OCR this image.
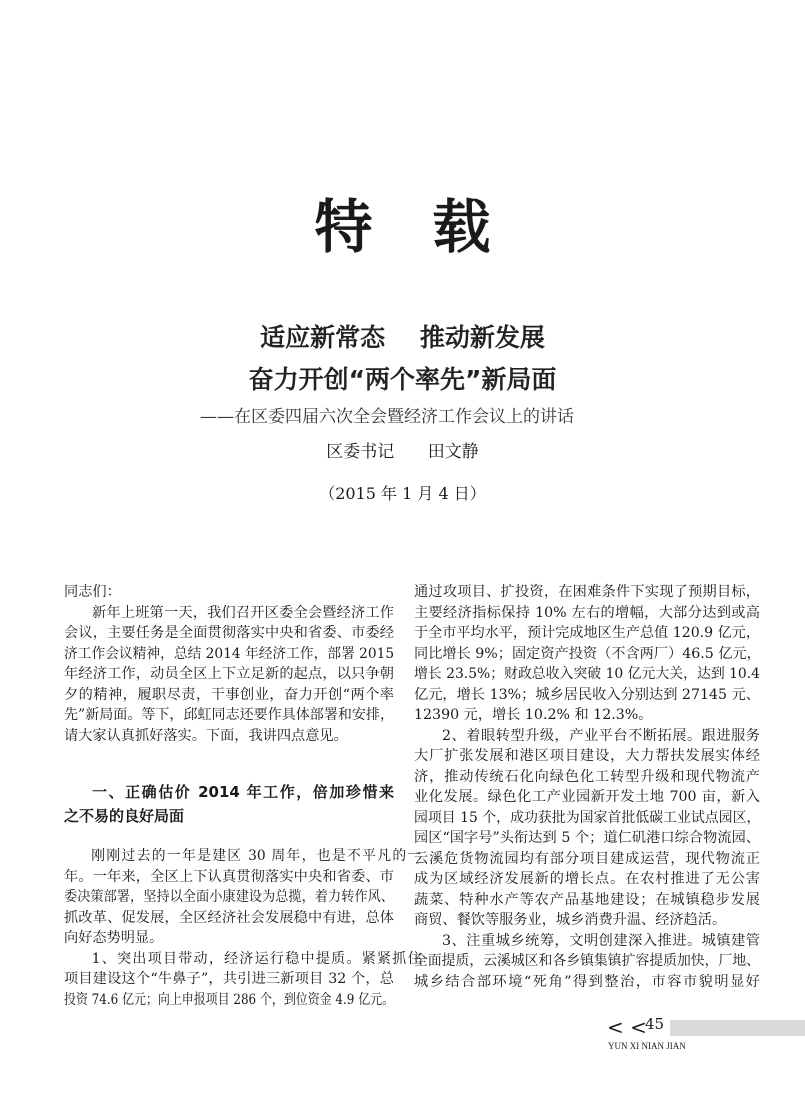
特载
适应新常态 推动新发展
奋力开创“两个率先”新局面
——在区委四届六次全会暨经济工作会议上的讲话
区委书记 田文静
（2015 年 1 月 4 日）
同志们：
新年上班第一天，我们召开区委全会暨经济工作
会议，主要任务是全面贯彻落实中央和省委、市委经
济工作会议精神，总结 2014 年经济工作，部署 2015
年经济工作，动员全区上下立足新的起点，以只争朝
夕的精神，履职尽责，干事创业，奋力开创“两个率
先”新局面。等下，邱虹同志还要作具体部署和安排，
请大家认真抓好落实。下面，我讲四点意见。
一、正确估价 2014 年工作，倍加珍惜来
之不易的良好局面
刚刚过去的一年是建区 30 周年，也是不平凡的一
年。一年来，全区上下认真贯彻落实中央和省委、市
委决策部署，坚持以全面小康建设为总揽，着力转作风、
抓改革、促发展，全区经济社会发展稳中有进，总体
向好态势明显。
1、突出项目带动，经济运行稳中提质。紧紧抓住
项目建设这个“牛鼻子”，共引进三新项目 32 个，总
投资 74.6 亿元；向上申报项目 286 个，到位资金 4.9 亿元。
通过攻项目、扩投资，在困难条件下实现了预期目标，
主要经济指标保持 10% 左右的增幅，大部分达到或高
于全市平均水平，预计完成地区生产总值 120.9 亿元，
同比增长 9%；固定资产投资（不含两厂）46.5 亿元，
增长 23.5%；财政总收入突破 10 亿元大关，达到 10.4
亿元，增长 13%；城乡居民收入分别达到 27145 元、
12390 元，增长 10.2% 和 12.3%。
2、着眼转型升级，产业平台不断拓展。跟进服务
大厂扩张发展和港区项目建设，大力帮扶发展实体经
济，推动传统石化向绿色化工转型升级和现代物流产
业化发展。绿色化工产业园新开发土地 700 亩，新入
园项目 15 个，成功获批为国家首批低碳工业试点园区，
园区“国字号”头衔达到 5 个；道仁矶港口综合物流园、
云溪危货物流园均有部分项目建成运营，现代物流正
成为区域经济发展新的增长点。在农村推进了无公害
蔬菜、特种水产等农产品基地建设；在城镇稳步发展
商贸、餐饮等服务业，城乡消费升温、经济趋活。
3、注重城乡统筹，文明创建深入推进。城镇建管
全面提质，云溪城区和各乡镇集镇扩容提质加快，厂地、
城乡结合部环境“死角”得到整治，市容市貌明显好
< <
45
YUN XI NIAN JIAN
